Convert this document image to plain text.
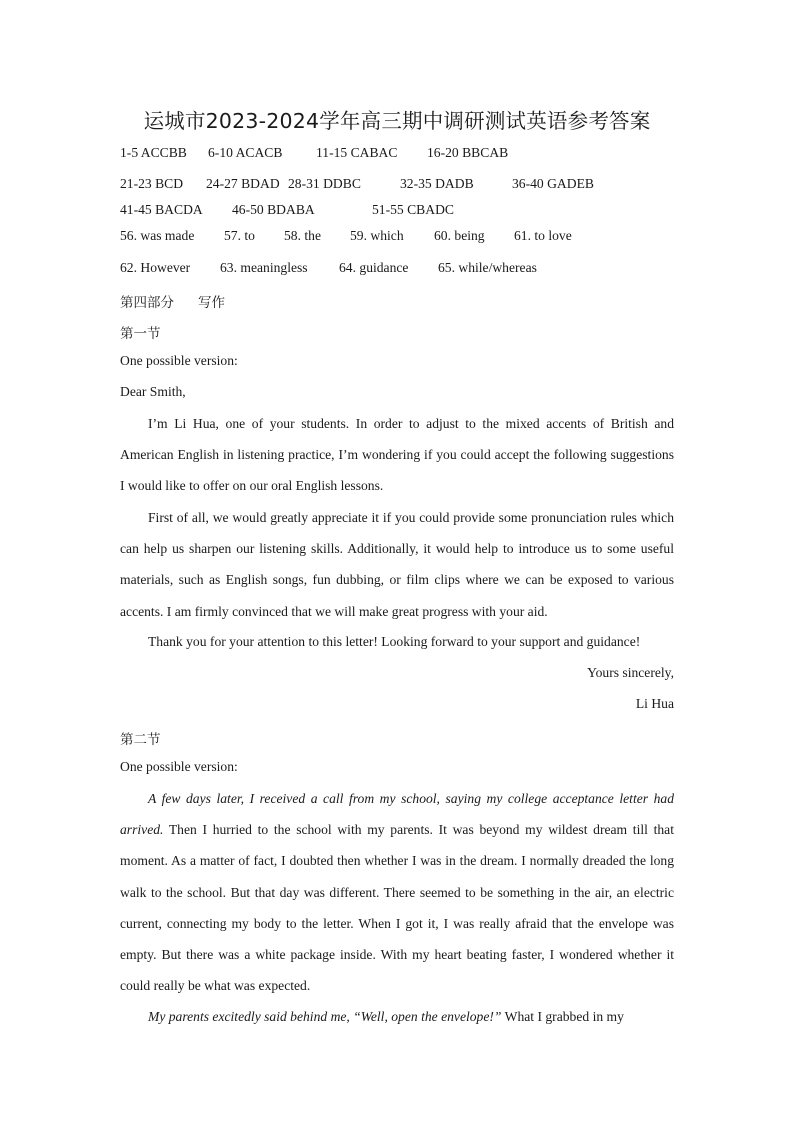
运城市2023-2024学年高三期中调研测试英语参考答案
1-5 ACCBB 6-10 ACACB 11-15 CABAC 16-20 BBCAB
21-23 BCD 24-27 BDAD 28-31 DDBC	32-35 DADB	36-40 GADEB
41-45 BACDA 46-50 BDABA	51-55 CBADC
56. was made 57. to 58. the 59. which 60. being 61. to love
62. However 63. meaningless 64. guidance 65. while/whereas
第四部分 写作
第一节
One possible version:
Dear Smith,

I’m Li Hua, one of your students. In order to adjust to the mixed accents of British and American English in listening practice, I’m wondering if you could accept the following suggestions I would like to offer on our oral English lessons.

First of all, we would greatly appreciate it if you could provide some pronunciation rules which can help us sharpen our listening skills. Additionally, it would help to introduce us to some useful materials, such as English songs, fun dubbing, or film clips where we can be exposed to various accents. I am firmly convinced that we will make great progress with your aid.

Thank you for your attention to this letter! Looking forward to your support and guidance!

Yours sincerely,
Li Hua
第二节
One possible version:

A few days later, I received a call from my school, saying my college acceptance letter had arrived. Then I hurried to the school with my parents. It was beyond my wildest dream till that moment. As a matter of fact, I doubted then whether I was in the dream. I normally dreaded the long walk to the school. But that day was different. There seemed to be something in the air, an electric current, connecting my body to the letter. When I got it, I was really afraid that the envelope was empty. But there was a white package inside. With my heart beating faster, I wondered whether it could really be what was expected.

My parents excitedly said behind me, “Well, open the envelope!” What I grabbed in my
